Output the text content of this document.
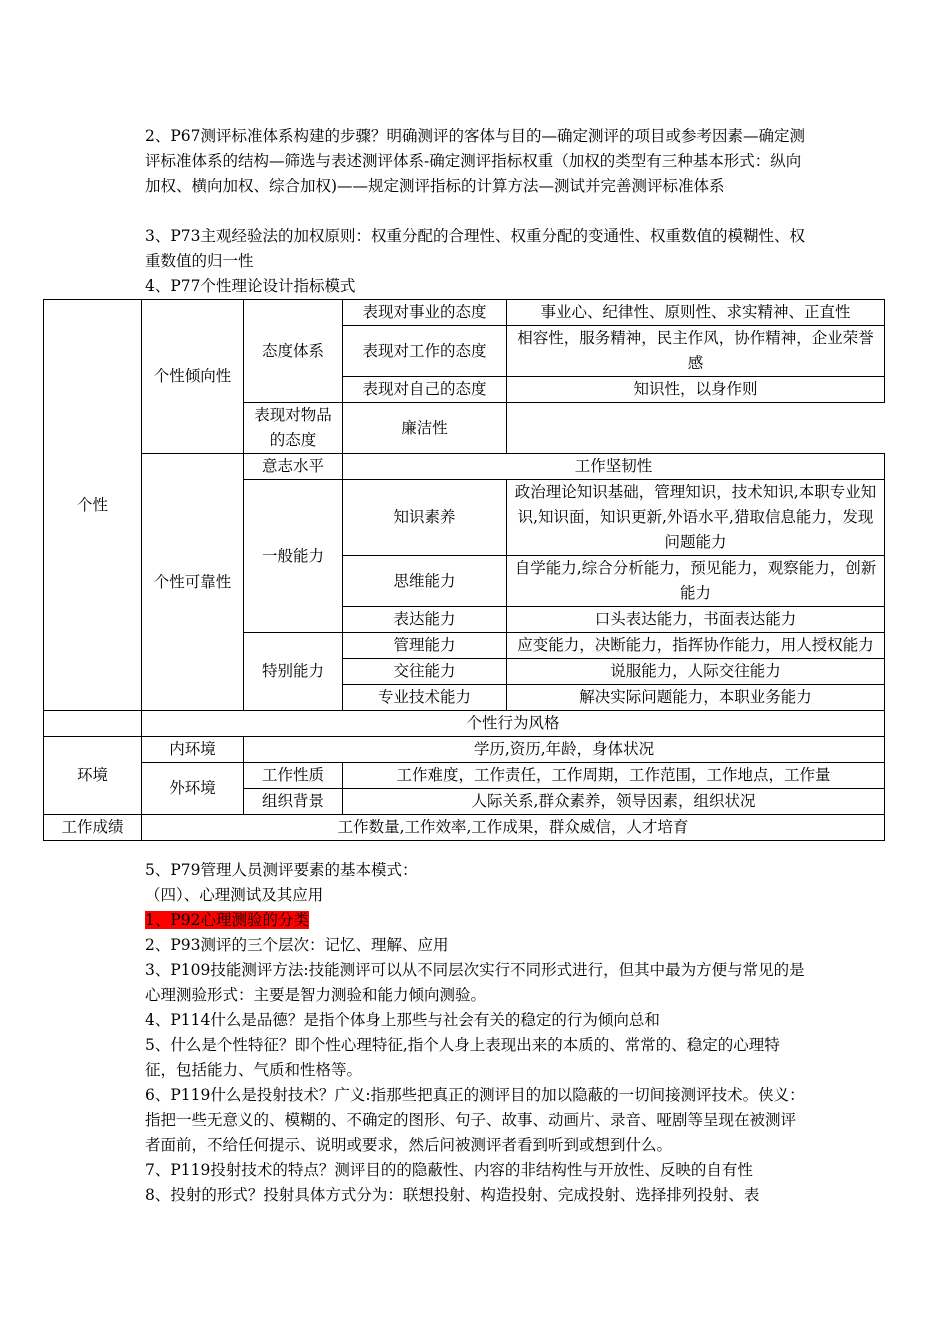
2、P67测评标准体系构建的步骤？明确测评的客体与目的—确定测评的项目或参考因素—确定测评标准体系的结构—筛选与表述测评体系-确定测评指标权重（加权的类型有三种基本形式：纵向加权、横向加权、综合加权)——规定测评指标的计算方法—测试并完善测评标准体系

3、P73主观经验法的加权原则：权重分配的合理性、权重分配的变通性、权重数值的模糊性、权重数值的归一性

4、P77个性理论设计指标模式

个性	个性倾向性	态度体系	表现对事业的态度	事业心、纪律性、原则性、求实精神、正直性
			表现对工作的态度	相容性，服务精神，民主作风，协作精神，企业荣誉感

			表现对自己的态度	知识性，以身作则
		表现对物品的态度	廉洁性	
	个性可靠性	意志水平	工作坚韧性	
		一般能力	知识素养	政治理论知识基础，管理知识，技术知识,本职专业知识,知识面，知识更新,外语水平,猎取信息能力，发现问题能力

			思维能力	自学能力,综合分析能力，预见能力，观察能力，创新能力

			表达能力	口头表达能力，书面表达能力
		特别能力	管理能力	应变能力，决断能力，指挥协作能力，用人授权能力

			交往能力	说服能力，人际交往能力
			专业技术能力	解决实际问题能力，本职业务能力
	个性行为风格			
环境	内环境	学历,资历,年龄，身体状况		
	外环境	工作性质	工作难度，工作责任，工作周期，工作范围，工作地点，工作量	
		组织背景	人际关系,群众素养，领导因素，组织状况	
工作成绩	工作数量,工作效率,工作成果，群众威信，人才培育			

5、P79管理人员测评要素的基本模式：

（四）、心理测试及其应用

1、P92心理测验的分类

2、P93测评的三个层次：记忆、理解、应用

3、P109技能测评方法:技能测评可以从不同层次实行不同形式进行，但其中最为方便与常见的是心理测验形式：主要是智力测验和能力倾向测验。

4、P114什么是品德？是指个体身上那些与社会有关的稳定的行为倾向总和

5、什么是个性特征？即个性心理特征,指个人身上表现出来的本质的、常常的、稳定的心理特征，包括能力、气质和性格等。

6、P119什么是投射技术？广义:指那些把真正的测评目的加以隐蔽的一切间接测评技术。侠义：指把一些无意义的、模糊的、不确定的图形、句子、故事、动画片、录音、哑剧等呈现在被测评者面前，不给任何提示、说明或要求，然后问被测评者看到听到或想到什么。

7、P119投射技术的特点？测评目的的隐蔽性、内容的非结构性与开放性、反映的自有性

8、投射的形式？投射具体方式分为：联想投射、构造投射、完成投射、选择排列投射、表
